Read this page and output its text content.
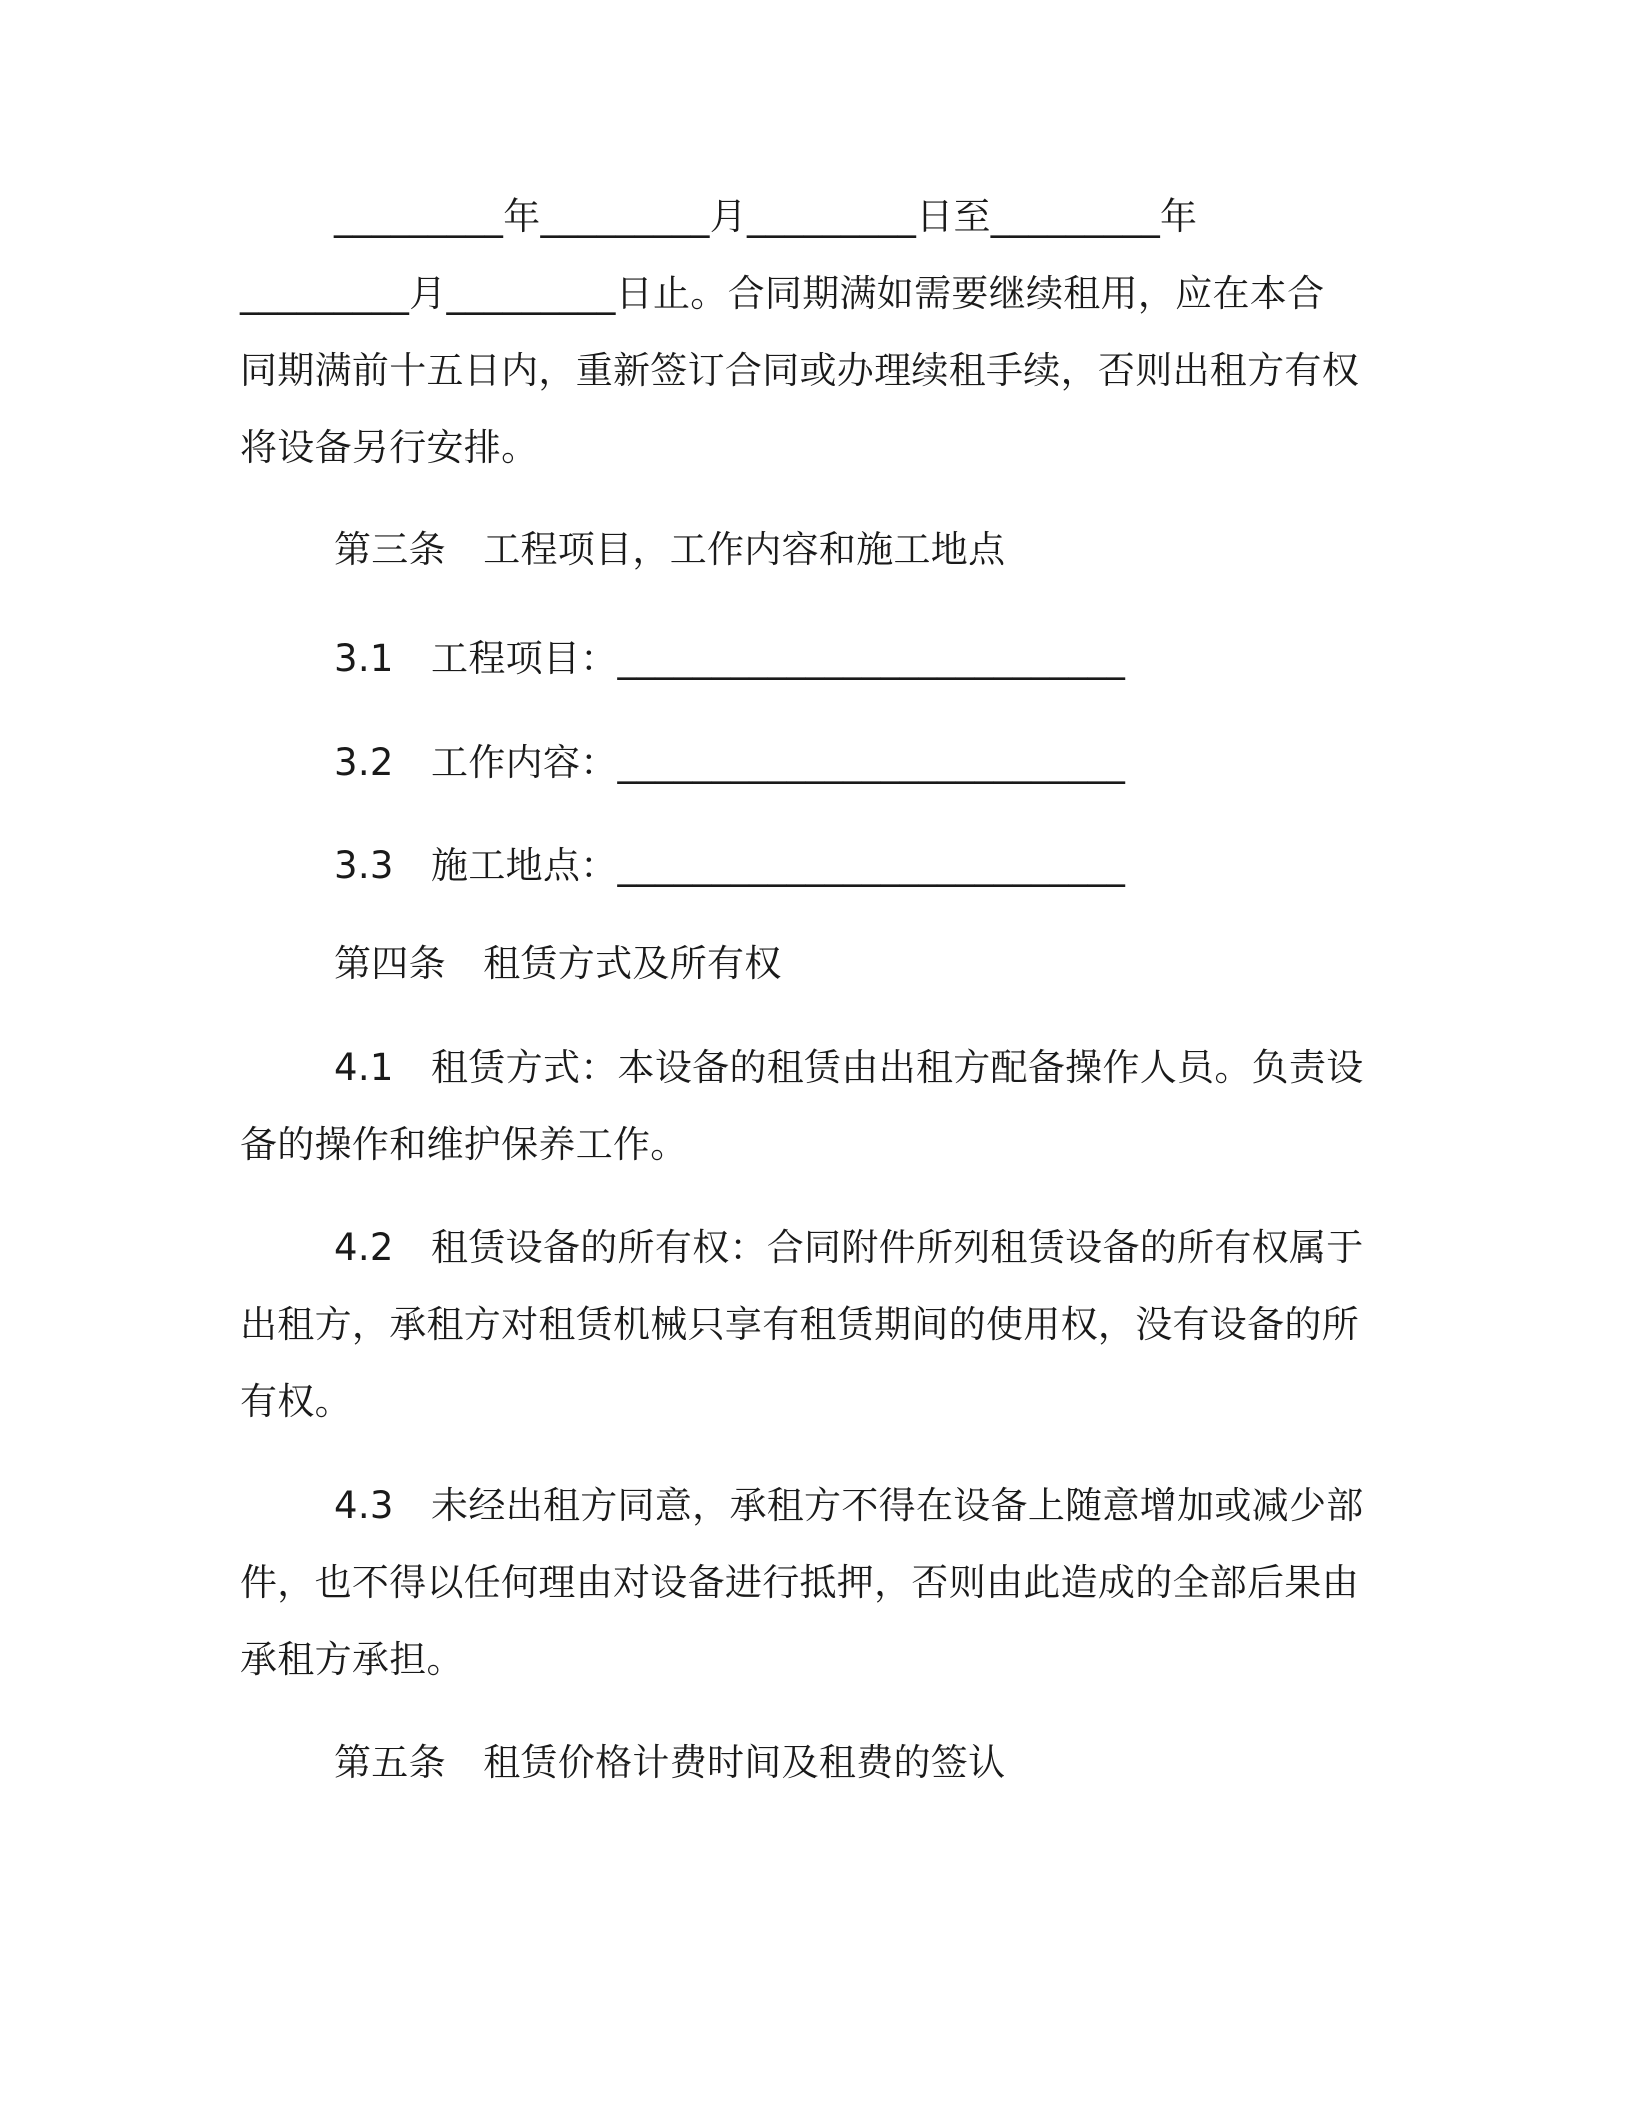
_________年_________月_________日至_________年

_________月_________日止。合同期满如需要继续租用，应在本合

同期满前十五日内，重新签订合同或办理续租手续，否则出租方有权

将设备另行安排。

第三条　工程项目，工作内容和施工地点

3.1　工程项目：___________________________

3.2　工作内容：___________________________

3.3　施工地点：___________________________

第四条　租赁方式及所有权

4.1　租赁方式：本设备的租赁由出租方配备操作人员。负责设

备的操作和维护保养工作。

4.2　租赁设备的所有权：合同附件所列租赁设备的所有权属于

出租方，承租方对租赁机械只享有租赁期间的使用权，没有设备的所

有权。

4.3　未经出租方同意，承租方不得在设备上随意增加或减少部

件，也不得以任何理由对设备进行抵押，否则由此造成的全部后果由

承租方承担。

第五条　租赁价格计费时间及租费的签认
